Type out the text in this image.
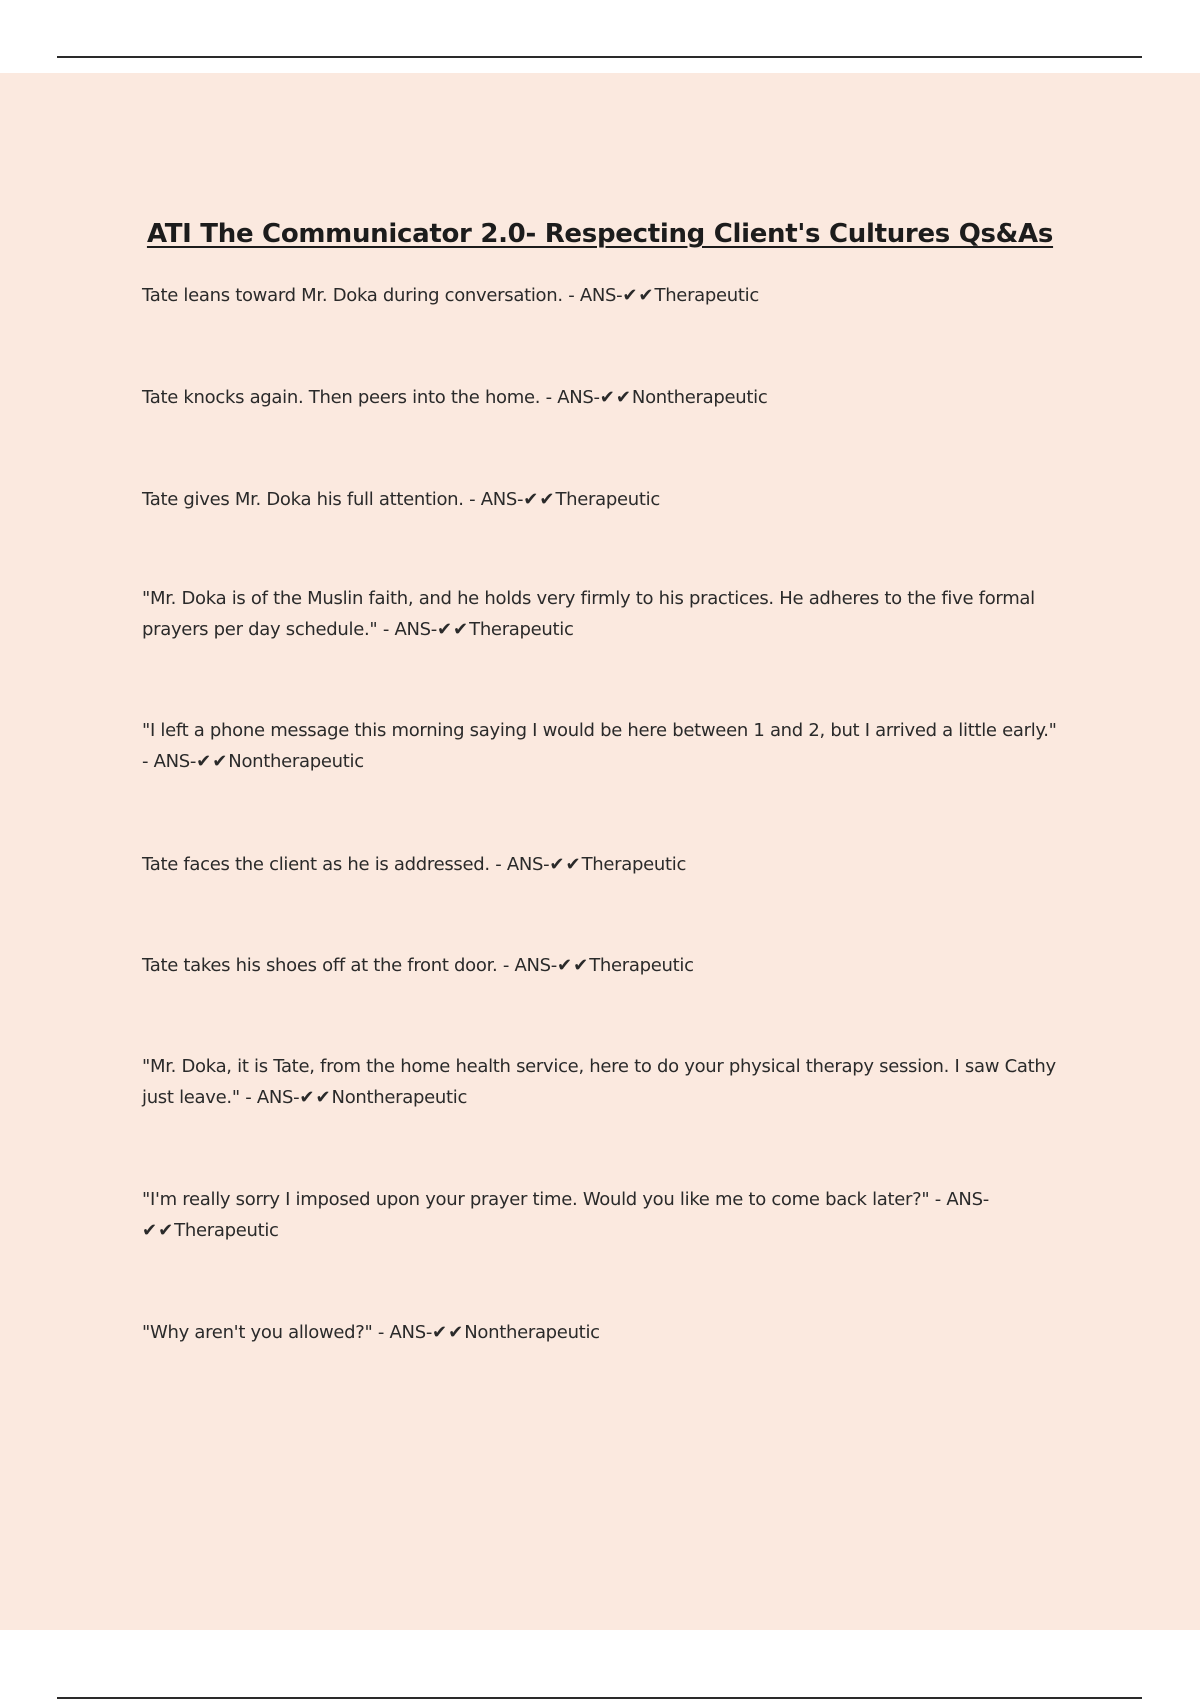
ATI The Communicator 2.0- Respecting Client's Cultures Qs&As
Tate leans toward Mr. Doka during conversation. - ANS-✔✔Therapeutic
Tate knocks again. Then peers into the home. - ANS-✔✔Nontherapeutic
Tate gives Mr. Doka his full attention. - ANS-✔✔Therapeutic
"Mr. Doka is of the Muslin faith, and he holds very firmly to his practices. He adheres to the five formal prayers per day schedule." - ANS-✔✔Therapeutic
"I left a phone message this morning saying I would be here between 1 and 2, but I arrived a little early." - ANS-✔✔Nontherapeutic
Tate faces the client as he is addressed. - ANS-✔✔Therapeutic
Tate takes his shoes off at the front door. - ANS-✔✔Therapeutic
"Mr. Doka, it is Tate, from the home health service, here to do your physical therapy session. I saw Cathy just leave." - ANS-✔✔Nontherapeutic
"I'm really sorry I imposed upon your prayer time. Would you like me to come back later?" - ANS-✔✔Therapeutic
"Why aren't you allowed?" - ANS-✔✔Nontherapeutic
